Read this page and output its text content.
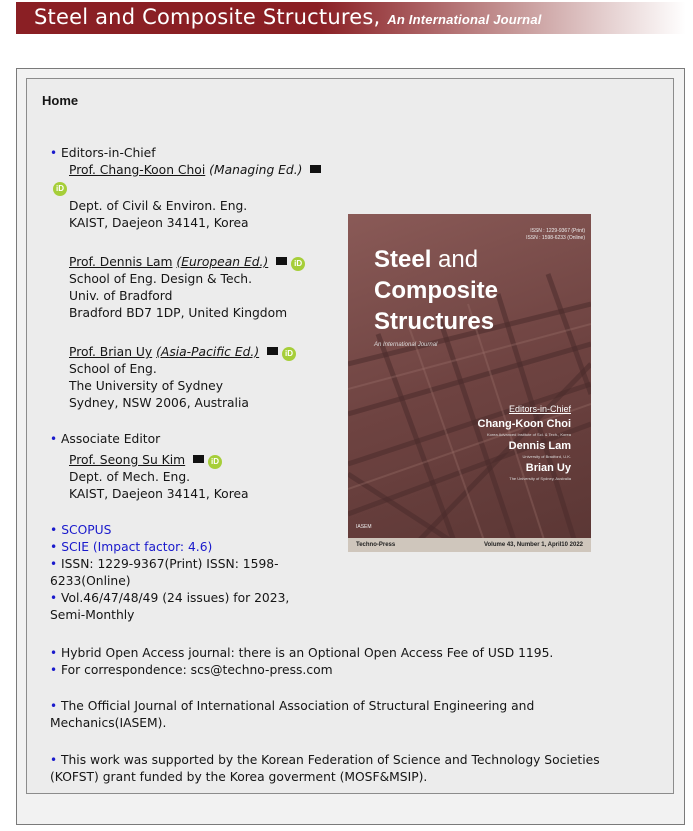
Steel and Composite Structures, An International Journal
Home
• Editors-in-Chief
Prof. Chang-Koon Choi (Managing Ed.)
iD
Dept. of Civil & Environ. Eng.
KAIST, Daejeon 34141, Korea
Prof. Dennis Lam (European Ed.)	iD
School of Eng. Design & Tech.
Univ. of Bradford
Bradford BD7 1DP, United Kingdom
Prof. Brian Uy (Asia-Pacific Ed.)	iD
School of Eng.
The University of Sydney
Sydney, NSW 2006, Australia
• Associate Editor
Prof. Seong Su Kim	iD
Dept. of Mech. Eng.
KAIST, Daejeon 34141, Korea
• SCOPUS
• SCIE (Impact factor: 4.6)
• ISSN: 1229-9367(Print) ISSN: 1598-
6233(Online)
• Vol.46/47/48/49 (24 issues) for 2023,
Semi-Monthly
• Hybrid Open Access journal: there is an Optional Open Access Fee of USD 1195.
• For correspondence: scs@techno-press.com
• The Official Journal of International Association of Structural Engineering and
Mechanics(IASEM).
• This work was supported by the Korean Federation of Science and Technology Societies
(KOFST) grant funded by the Korea goverment (MOSF&MSIP).
ISSN : 1229-9367 (Print)
ISSN : 1598-6233 (Online)
Steel and
Composite
Structures
An International Journal
Editors-in-Chief
Chang-Koon Choi
Korea Advanced Institute of Sci. & Tech., Korea
Dennis Lam
University of Bradford, U.K.
Brian Uy
The University of Sydney, Australia
IASEM
Techno-Press	Volume 43, Number 1, April10 2022
